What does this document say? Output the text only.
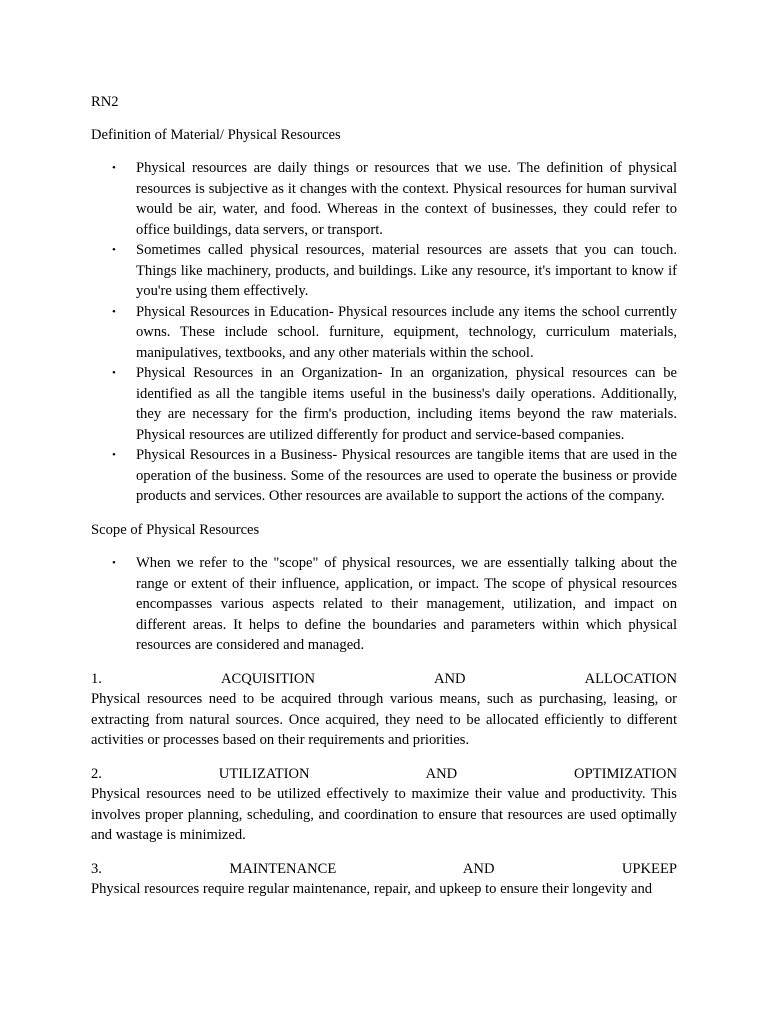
RN2

Definition of Material/ Physical Resources

• Physical resources are daily things or resources that we use. The definition of physical resources is subjective as it changes with the context. Physical resources for human survival would be air, water, and food. Whereas in the context of businesses, they could refer to office buildings, data servers, or transport.
• Sometimes called physical resources, material resources are assets that you can touch. Things like machinery, products, and buildings. Like any resource, it's important to know if you're using them effectively.
• Physical Resources in Education- Physical resources include any items the school currently owns. These include school. furniture, equipment, technology, curriculum materials, manipulatives, textbooks, and any other materials within the school.
• Physical Resources in an Organization- In an organization, physical resources can be identified as all the tangible items useful in the business's daily operations. Additionally, they are necessary for the firm's production, including items beyond the raw materials. Physical resources are utilized differently for product and service-based companies.
• Physical Resources in a Business- Physical resources are tangible items that are used in the operation of the business. Some of the resources are used to operate the business or provide products and services. Other resources are available to support the actions of the company.

Scope of Physical Resources

• When we refer to the "scope" of physical resources, we are essentially talking about the range or extent of their influence, application, or impact. The scope of physical resources encompasses various aspects related to their management, utilization, and impact on different areas. It helps to define the boundaries and parameters within which physical resources are considered and managed.

1.	ACQUISITION	AND	ALLOCATION

Physical resources need to be acquired through various means, such as purchasing, leasing, or extracting from natural sources. Once acquired, they need to be allocated efficiently to different activities or processes based on their requirements and priorities.

2.	UTILIZATION	AND	OPTIMIZATION

Physical resources need to be utilized effectively to maximize their value and productivity. This involves proper planning, scheduling, and coordination to ensure that resources are used optimally and wastage is minimized.

3.	MAINTENANCE	AND	UPKEEP

Physical resources require regular maintenance, repair, and upkeep to ensure their longevity and
